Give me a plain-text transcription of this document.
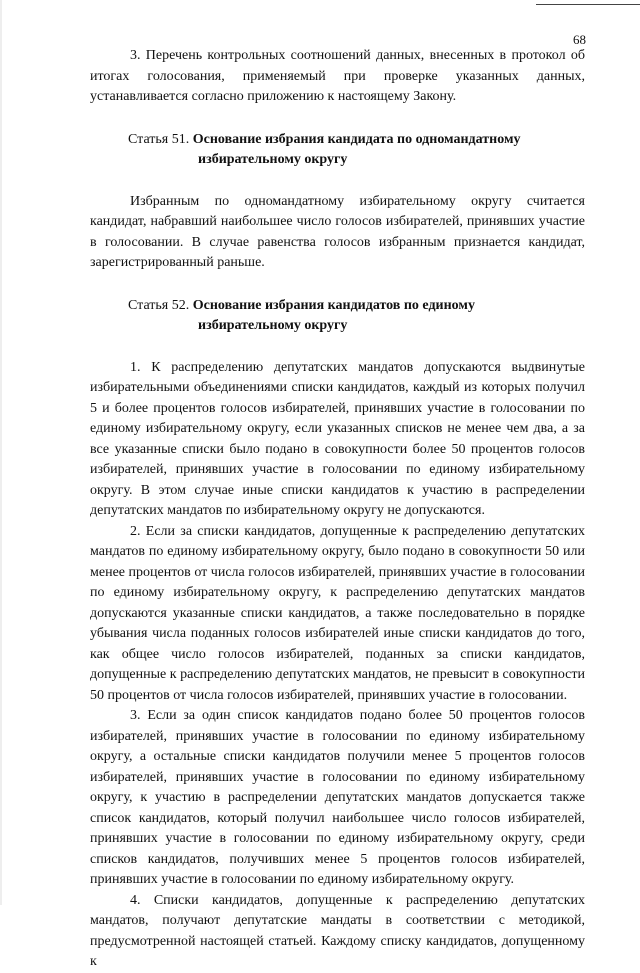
68

3. Перечень контрольных соотношений данных, внесенных в протокол об итогах голосования, применяемый при проверке указанных данных, устанавливается согласно приложению к настоящему Закону.

Статья 51. Основание избрания кандидата по одномандатному
избирательному округу

Избранным по одномандатному избирательному округу считается кандидат, набравший наибольшее число голосов избирателей, принявших участие в голосовании. В случае равенства голосов избранным признается кандидат, зарегистрированный раньше.

Статья 52. Основание избрания кандидатов по единому
избирательному округу

1. К распределению депутатских мандатов допускаются выдвинутые избирательными объединениями списки кандидатов, каждый из которых получил 5 и более процентов голосов избирателей, принявших участие в голосовании по единому избирательному округу, если указанных списков не менее чем два, а за все указанные списки было подано в совокупности более 50 процентов голосов избирателей, принявших участие в голосовании по единому избирательному округу. В этом случае иные списки кандидатов к участию в распределении депутатских мандатов по избирательному округу не допускаются.

2. Если за списки кандидатов, допущенные к распределению депутатских мандатов по единому избирательному округу, было подано в совокупности 50 или менее процентов от числа голосов избирателей, принявших участие в голосовании по единому избирательному округу, к распределению депутатских мандатов допускаются указанные списки кандидатов, а также последовательно в порядке убывания числа поданных голосов избирателей иные списки кандидатов до того, как общее число голосов избирателей, поданных за списки кандидатов, допущенные к распределению депутатских мандатов, не превысит в совокупности 50 процентов от числа голосов избирателей, принявших участие в голосовании.

3. Если за один список кандидатов подано более 50 процентов голосов избирателей, принявших участие в голосовании по единому избирательному округу, а остальные списки кандидатов получили менее 5 процентов голосов избирателей, принявших участие в голосовании по единому избирательному округу, к участию в распределении депутатских мандатов допускается также список кандидатов, который получил наибольшее число голосов избирателей, принявших участие в голосовании по единому избирательному округу, среди списков кандидатов, получивших менее 5 процентов голосов избирателей, принявших участие в голосовании по единому избирательному округу.

4. Списки кандидатов, допущенные к распределению депутатских мандатов, получают депутатские мандаты в соответствии с методикой, предусмотренной настоящей статьей. Каждому списку кандидатов, допущенному к
